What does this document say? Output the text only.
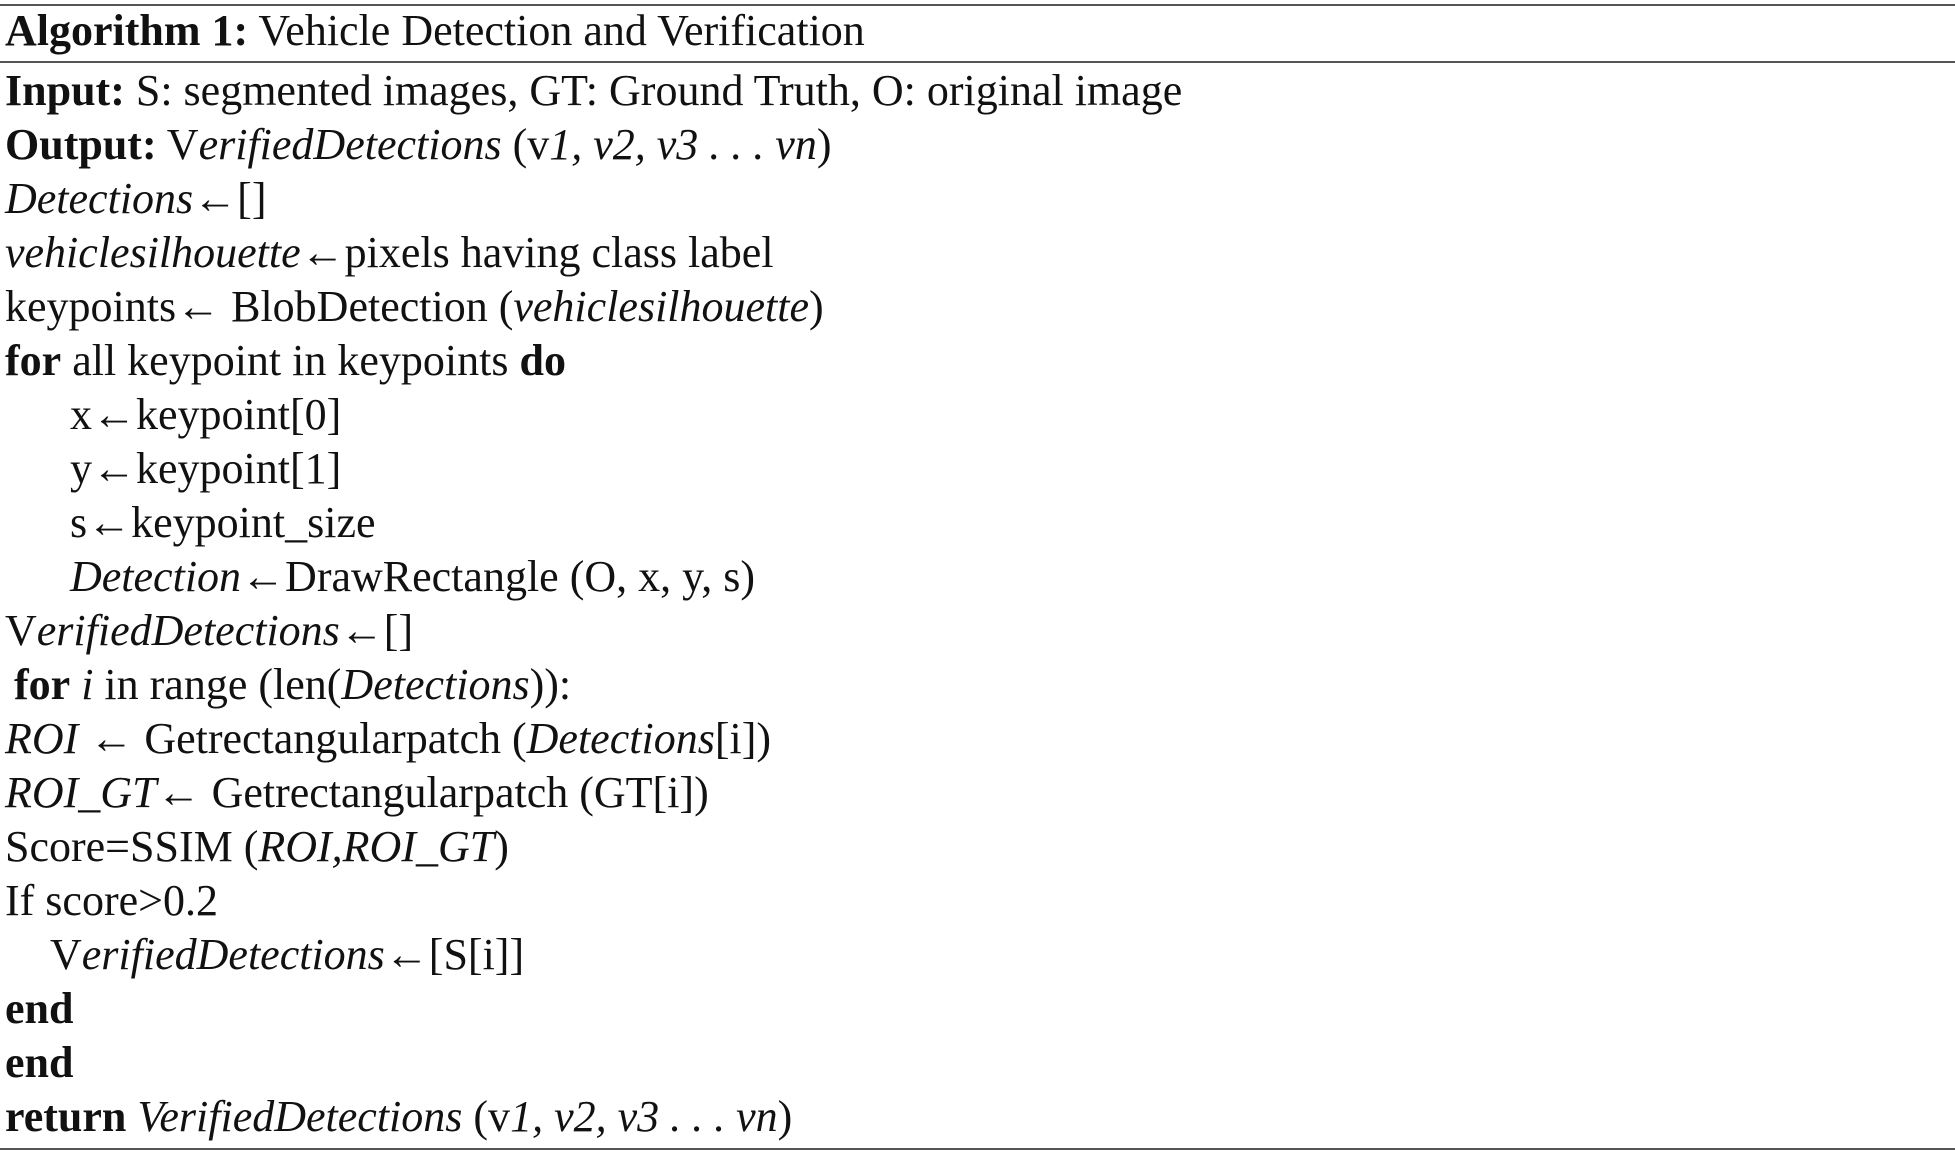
Algorithm 1: Vehicle Detection and Verification
Input: S: segmented images, GT: Ground Truth, O: original image
Output: VerifiedDetections (v1, v2, v3 . . . vn)
Detections←[]
vehiclesilhouette←pixels having class label
keypoints← BlobDetection (vehiclesilhouette)
for all keypoint in keypoints do
x←keypoint[0]
y←keypoint[1]
s←keypoint_size
Detection←DrawRectangle (O, x, y, s)
VerifiedDetections←[]
for i in range (len(Detections)):
ROI ← Getrectangularpatch (Detections[i])
ROI_GT← Getrectangularpatch (GT[i])
Score=SSIM (ROI,ROI_GT)
If score>0.2
VerifiedDetections←[S[i]]
end
end
return VerifiedDetections (v1, v2, v3 . . . vn)
